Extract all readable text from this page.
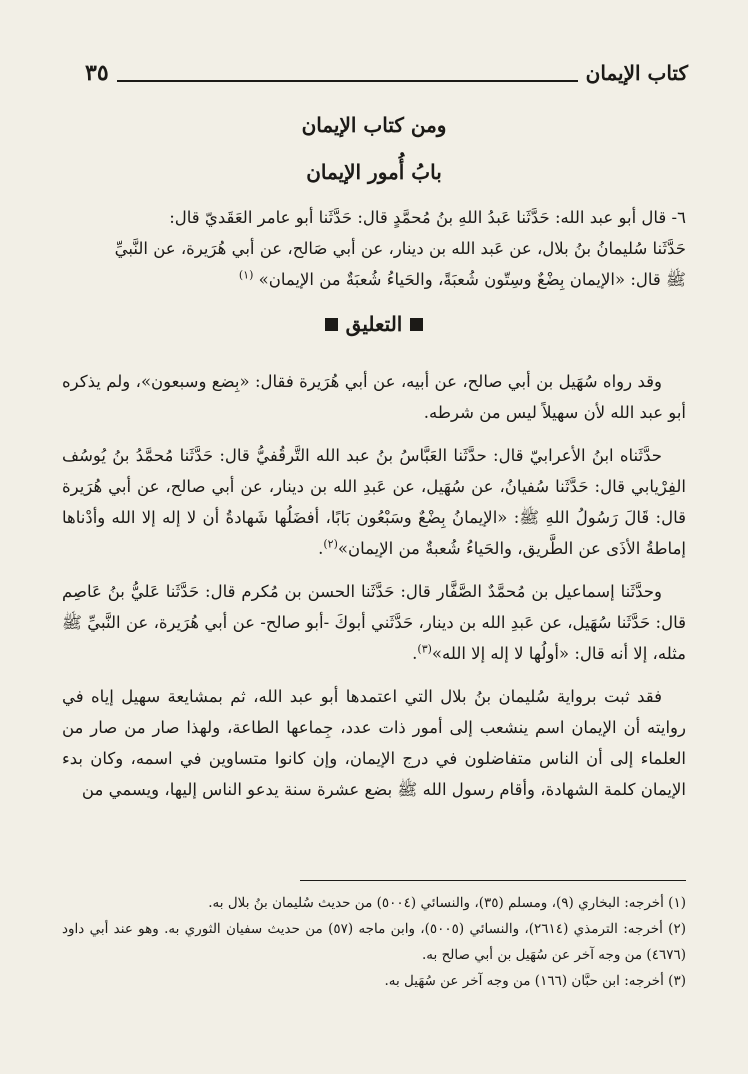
كتاب الإيمان
٣٥
ومن كتاب الإيمان
بابُ أُمور الإيمان

٦- قال أبو عبد الله: حَدَّثَنا عَبدُ اللهِ بنُ مُحمَّدٍ قال: حَدَّثَنا أبو عامر العَقَديّ قال:

حَدَّثَنا سُليمانُ بنُ بلال، عن عَبد الله بن دينار، عن أبي صَالح، عن أبي هُرَيرة، عن النَّبيِّ

ﷺ قال: «الإيمان بِضْعٌ وسِتّون شُعبَةً، والحَياءُ شُعبَةٌ من الإيمان» $^{(١)}$

التعليق

وقد رواه سُهَيل بن أبي صالح، عن أبيه، عن أبي هُرَيرة فقال: «بِضع وسبعون»، ولم يذكره أبو عبد الله لأن سهيلاً ليس من شرطه.

حدَّثَناه ابنُ الأعرابيّ قال: حدَّثَنا العَبَّاسُ بنُ عبد الله التَّرقُفيُّ قال: حَدَّثَنا مُحمَّدُ بنُ يُوسُف الفِرْيابي قال: حَدَّثَنا سُفيانُ، عن سُهَيل، عن عَبدِ الله بن دينار، عن أبي صالح، عن أبي هُرَيرة قال: قَالَ رَسُولُ اللهِ ﷺ: «الإيمانُ بِضْعٌ وسَبْعُون بَابًا، أفضَلُها شَهادةُ أن لا إله إلا الله وأدْناها إماطةُ الأذَى عن الطَّريق، والحَياءُ شُعبةٌ من الإيمان»$^{(٢)}$.

وحدَّثَنا إسماعيل بن مُحمَّدٌ الصَّفَّار قال: حَدَّثَنا الحسن بن مُكرم قال: حَدَّثَنا عَليُّ بنُ عَاصِم قال: حَدَّثَنا سُهَيل، عن عَبدِ الله بن دينار، حَدَّثَني أبوكَ -أبو صالح- عن أبي هُرَيرة، عن النَّبيِّ ﷺ مثله، إلا أنه قال: «أولُها لا إله إلا الله»$^{(٣)}$.

فقد ثبت برواية سُليمان بنُ بلال التي اعتمدها أبو عبد الله، ثم بمشايعة سهيل إياه في روايته أن الإيمان اسم ينشعب إلى أمور ذات عدد، جِماعها الطاعة، ولهذا صار من صار من العلماء إلى أن الناس متفاضلون في درج الإيمان، وإن كانوا متساوين في اسمه، وكان بدء الإيمان كلمة الشهادة، وأقام رسول الله ﷺ بضع عشرة سنة يدعو الناس إليها، ويسمي من

(١) أخرجه: البخاري (٩)، ومسلم (٣٥)، والنسائي (٥٠٠٤) من حديث سُليمان بنُ بلال به.

(٢) أخرجه: الترمذي (٢٦١٤)، والنسائي (٥٠٠٥)، وابن ماجه (٥٧) من حديث سفيان الثوري به. وهو عند أبي داود (٤٦٧٦) من وجه آخر عن سُهَيل بن أبي صالح به.

(٣) أخرجه: ابن حبَّان (١٦٦) من وجه آخر عن سُهَيل به.
